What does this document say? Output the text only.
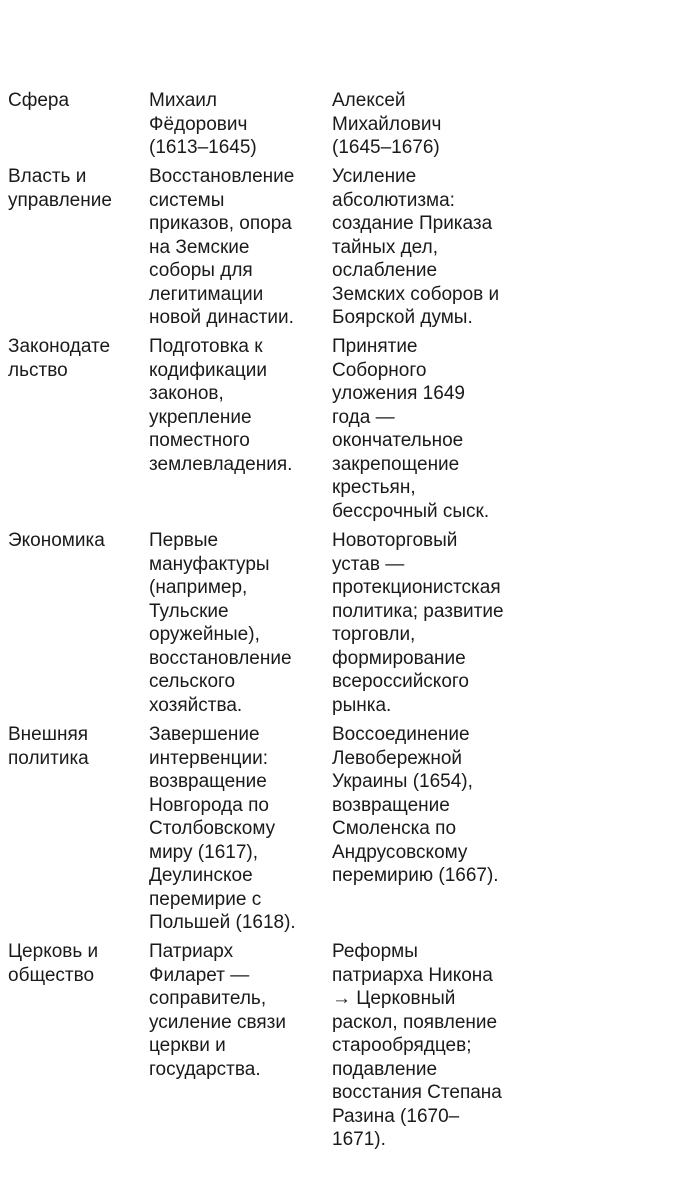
Сфера	Михаил
Фёдорович
(1613–1645)
Алексей
Михайлович
(1645–1676)
Власть и
управление
Восстановление
системы
приказов, опора
на Земские
соборы для
легитимации
новой династии.
Усиление
абсолютизма:
создание Приказа
тайных дел,
ослабление
Земских соборов и
Боярской думы.
Законодате
льство
Подготовка к
кодификации
законов,
укрепление
поместного
землевладения.
Принятие
Соборного
уложения 1649
года —
окончательное
закрепощение
крестьян,
бессрочный сыск.
Экономика	Первые
мануфактуры
(например,
Тульские
оружейные),
восстановление
сельского
хозяйства.
Новоторговый
устав —
протекционистская
политика; развитие
торговли,
формирование
всероссийского
рынка.
Внешняя
политика
Завершение
интервенции:
возвращение
Новгорода по
Столбовскому
миру (1617),
Деулинское
перемирие с
Польшей (1618).
Воссоединение
Левобережной
Украины (1654),
возвращение
Смоленска по
Андрусовскому
перемирию (1667).
Церковь и
общество
Патриарх
Филарет —
соправитель,
усиление связи
церкви и
государства.
Реформы
патриарха Никона
→ Церковный
раскол, появление
старообрядцев;
подавление
восстания Степана
Разина (1670–
1671).
